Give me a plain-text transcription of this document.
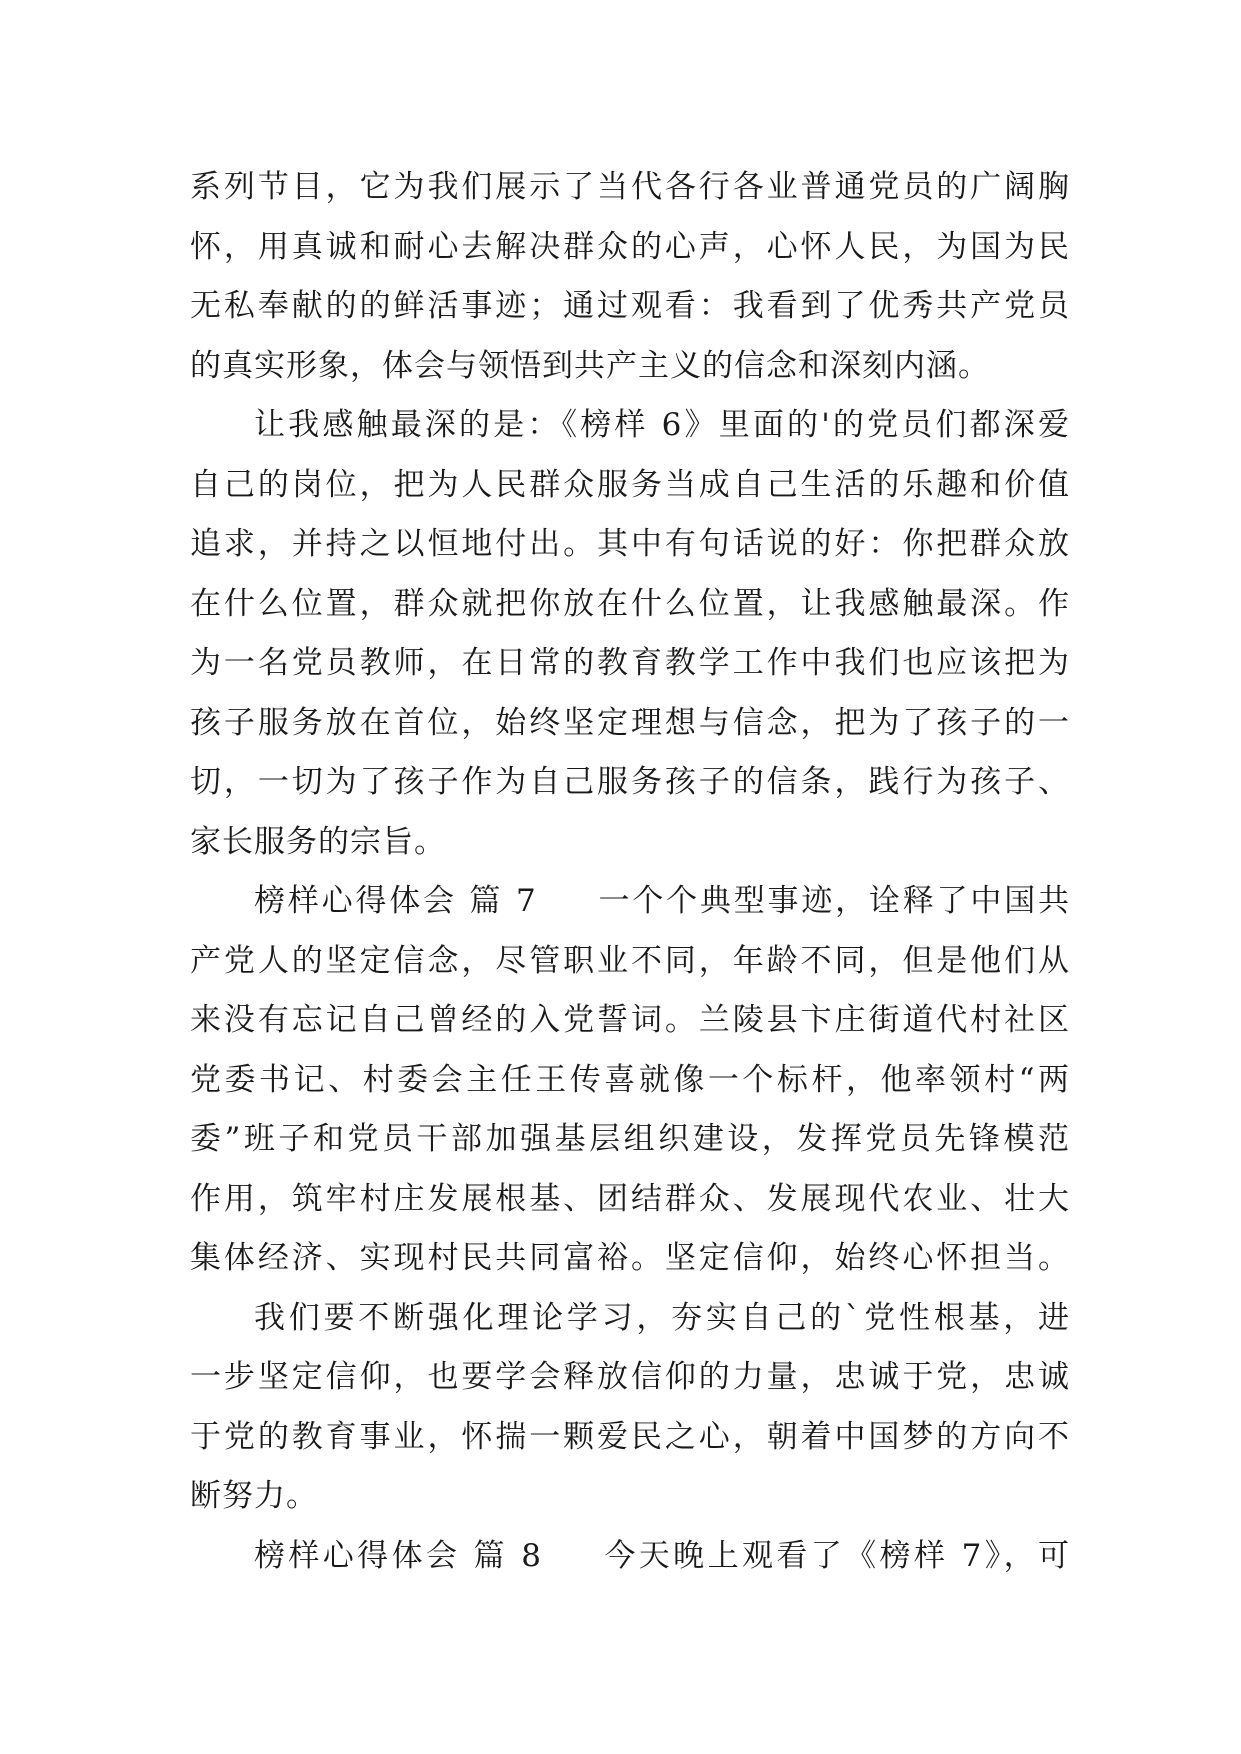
系列节目，它为我们展示了当代各行各业普通党员的广阔胸
怀，用真诚和耐心去解决群众的心声，心怀人民，为国为民
无私奉献的的鲜活事迹；通过观看：我看到了优秀共产党员
的真实形象，体会与领悟到共产主义的信念和深刻内涵。
让我感触最深的是：《榜样 6》里面的'的党员们都深爱
自己的岗位，把为人民群众服务当成自己生活的乐趣和价值
追求，并持之以恒地付出。其中有句话说的好：你把群众放
在什么位置，群众就把你放在什么位置，让我感触最深。作
为一名党员教师，在日常的教育教学工作中我们也应该把为
孩子服务放在首位，始终坚定理想与信念，把为了孩子的一
切，一切为了孩子作为自己服务孩子的信条，践行为孩子、
家长服务的宗旨。
榜样心得体会 篇 7 一个个典型事迹，诠释了中国共
产党人的坚定信念，尽管职业不同，年龄不同，但是他们从
来没有忘记自己曾经的入党誓词。兰陵县卞庄街道代村社区
党委书记、村委会主任王传喜就像一个标杆，他率领村“两
委”班子和党员干部加强基层组织建设，发挥党员先锋模范
作用，筑牢村庄发展根基、团结群众、发展现代农业、壮大
集体经济、实现村民共同富裕。坚定信仰，始终心怀担当。
我们要不断强化理论学习，夯实自己的`党性根基，进
一步坚定信仰，也要学会释放信仰的力量，忠诚于党，忠诚
于党的教育事业，怀揣一颗爱民之心，朝着中国梦的方向不
断努力。
榜样心得体会 篇 8 今天晚上观看了《榜样 7》，可
